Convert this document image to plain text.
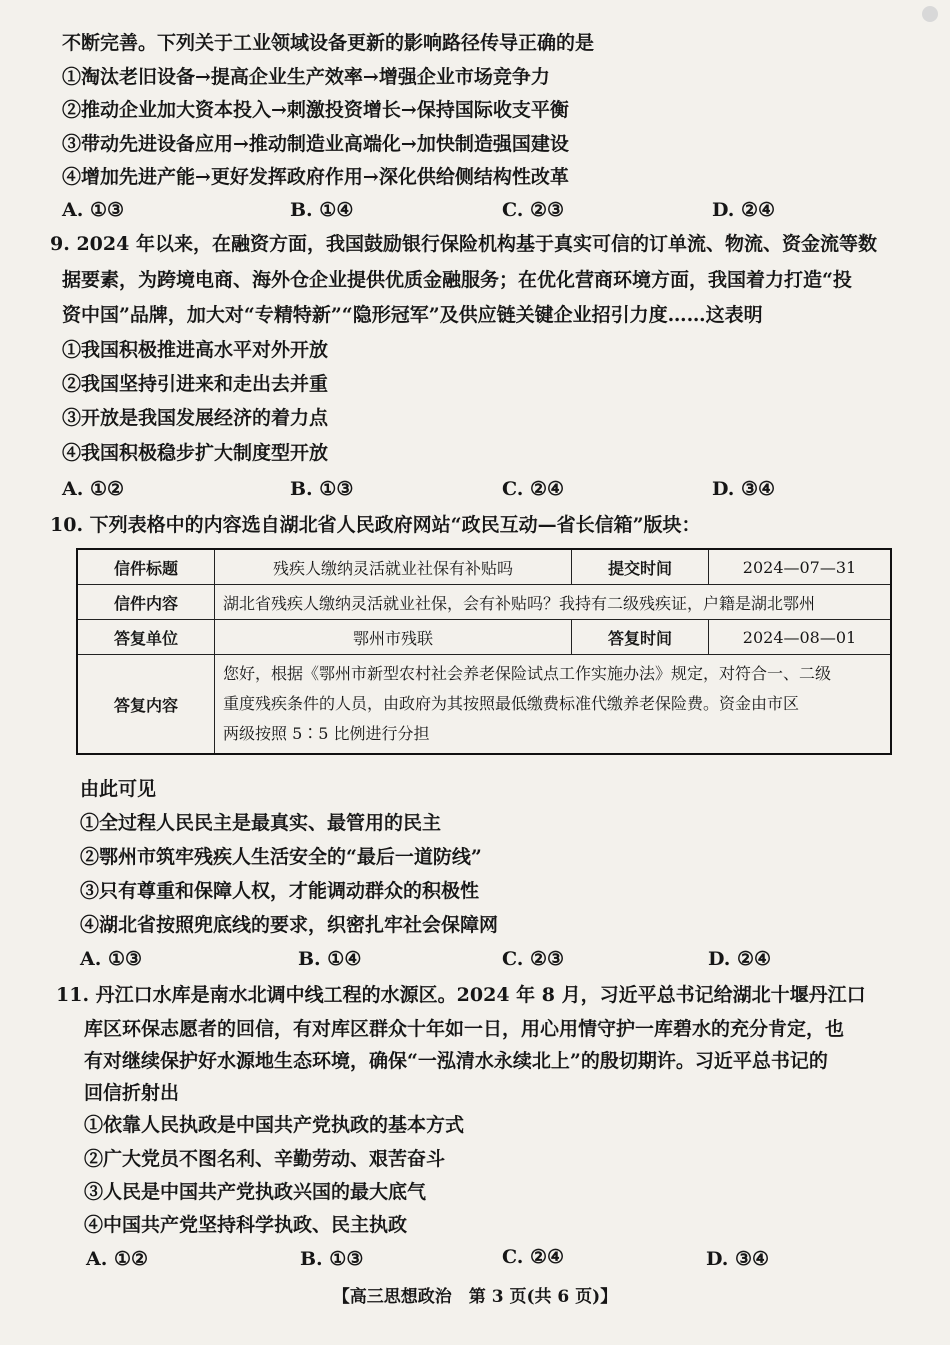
不断完善。下列关于工业领域设备更新的影响路径传导正确的是
①淘汰老旧设备→提高企业生产效率→增强企业市场竞争力
②推动企业加大资本投入→刺激投资增长→保持国际收支平衡
③带动先进设备应用→推动制造业高端化→加快制造强国建设
④增加先进产能→更好发挥政府作用→深化供给侧结构性改革
A. ①③	B. ①④	C. ②③	D. ②④
9. 2024 年以来，在融资方面，我国鼓励银行保险机构基于真实可信的订单流、物流、资金流等数
据要素，为跨境电商、海外仓企业提供优质金融服务；在优化营商环境方面，我国着力打造“投
资中国”品牌，加大对“专精特新”“隐形冠军”及供应链关键企业招引力度……这表明
①我国积极推进高水平对外开放
②我国坚持引进来和走出去并重
③开放是我国发展经济的着力点
④我国积极稳步扩大制度型开放
A. ①②	B. ①③	C. ②④	D. ③④
10. 下列表格中的内容选自湖北省人民政府网站“政民互动—省长信箱”版块：
信件标题	残疾人缴纳灵活就业社保有补贴吗	提交时间	2024—07—31
信件内容	湖北省残疾人缴纳灵活就业社保，会有补贴吗？我持有二级残疾证，户籍是湖北鄂州		
答复单位	鄂州市残联	答复时间	2024—08—01
答复内容	您好，根据《鄂州市新型农村社会养老保险试点工作实施办法》规定，对符合一、二级
重度残疾条件的人员，由政府为其按照最低缴费标准代缴养老保险费。资金由市区
两级按照 5∶5 比例进行分担		
由此可见
①全过程人民民主是最真实、最管用的民主
②鄂州市筑牢残疾人生活安全的“最后一道防线”
③只有尊重和保障人权，才能调动群众的积极性
④湖北省按照兜底线的要求，织密扎牢社会保障网
A. ①③	B. ①④	C. ②③	D. ②④
11. 丹江口水库是南水北调中线工程的水源区。2024 年 8 月，习近平总书记给湖北十堰丹江口
库区环保志愿者的回信，有对库区群众十年如一日，用心用情守护一库碧水的充分肯定，也
有对继续保护好水源地生态环境，确保“一泓清水永续北上”的殷切期许。习近平总书记的
回信折射出
①依靠人民执政是中国共产党执政的基本方式
②广大党员不图名利、辛勤劳动、艰苦奋斗
③人民是中国共产党执政兴国的最大底气
④中国共产党坚持科学执政、民主执政
A. ①②	B. ①③	C. ②④	D. ③④
【高三思想政治　第 3 页(共 6 页)】
